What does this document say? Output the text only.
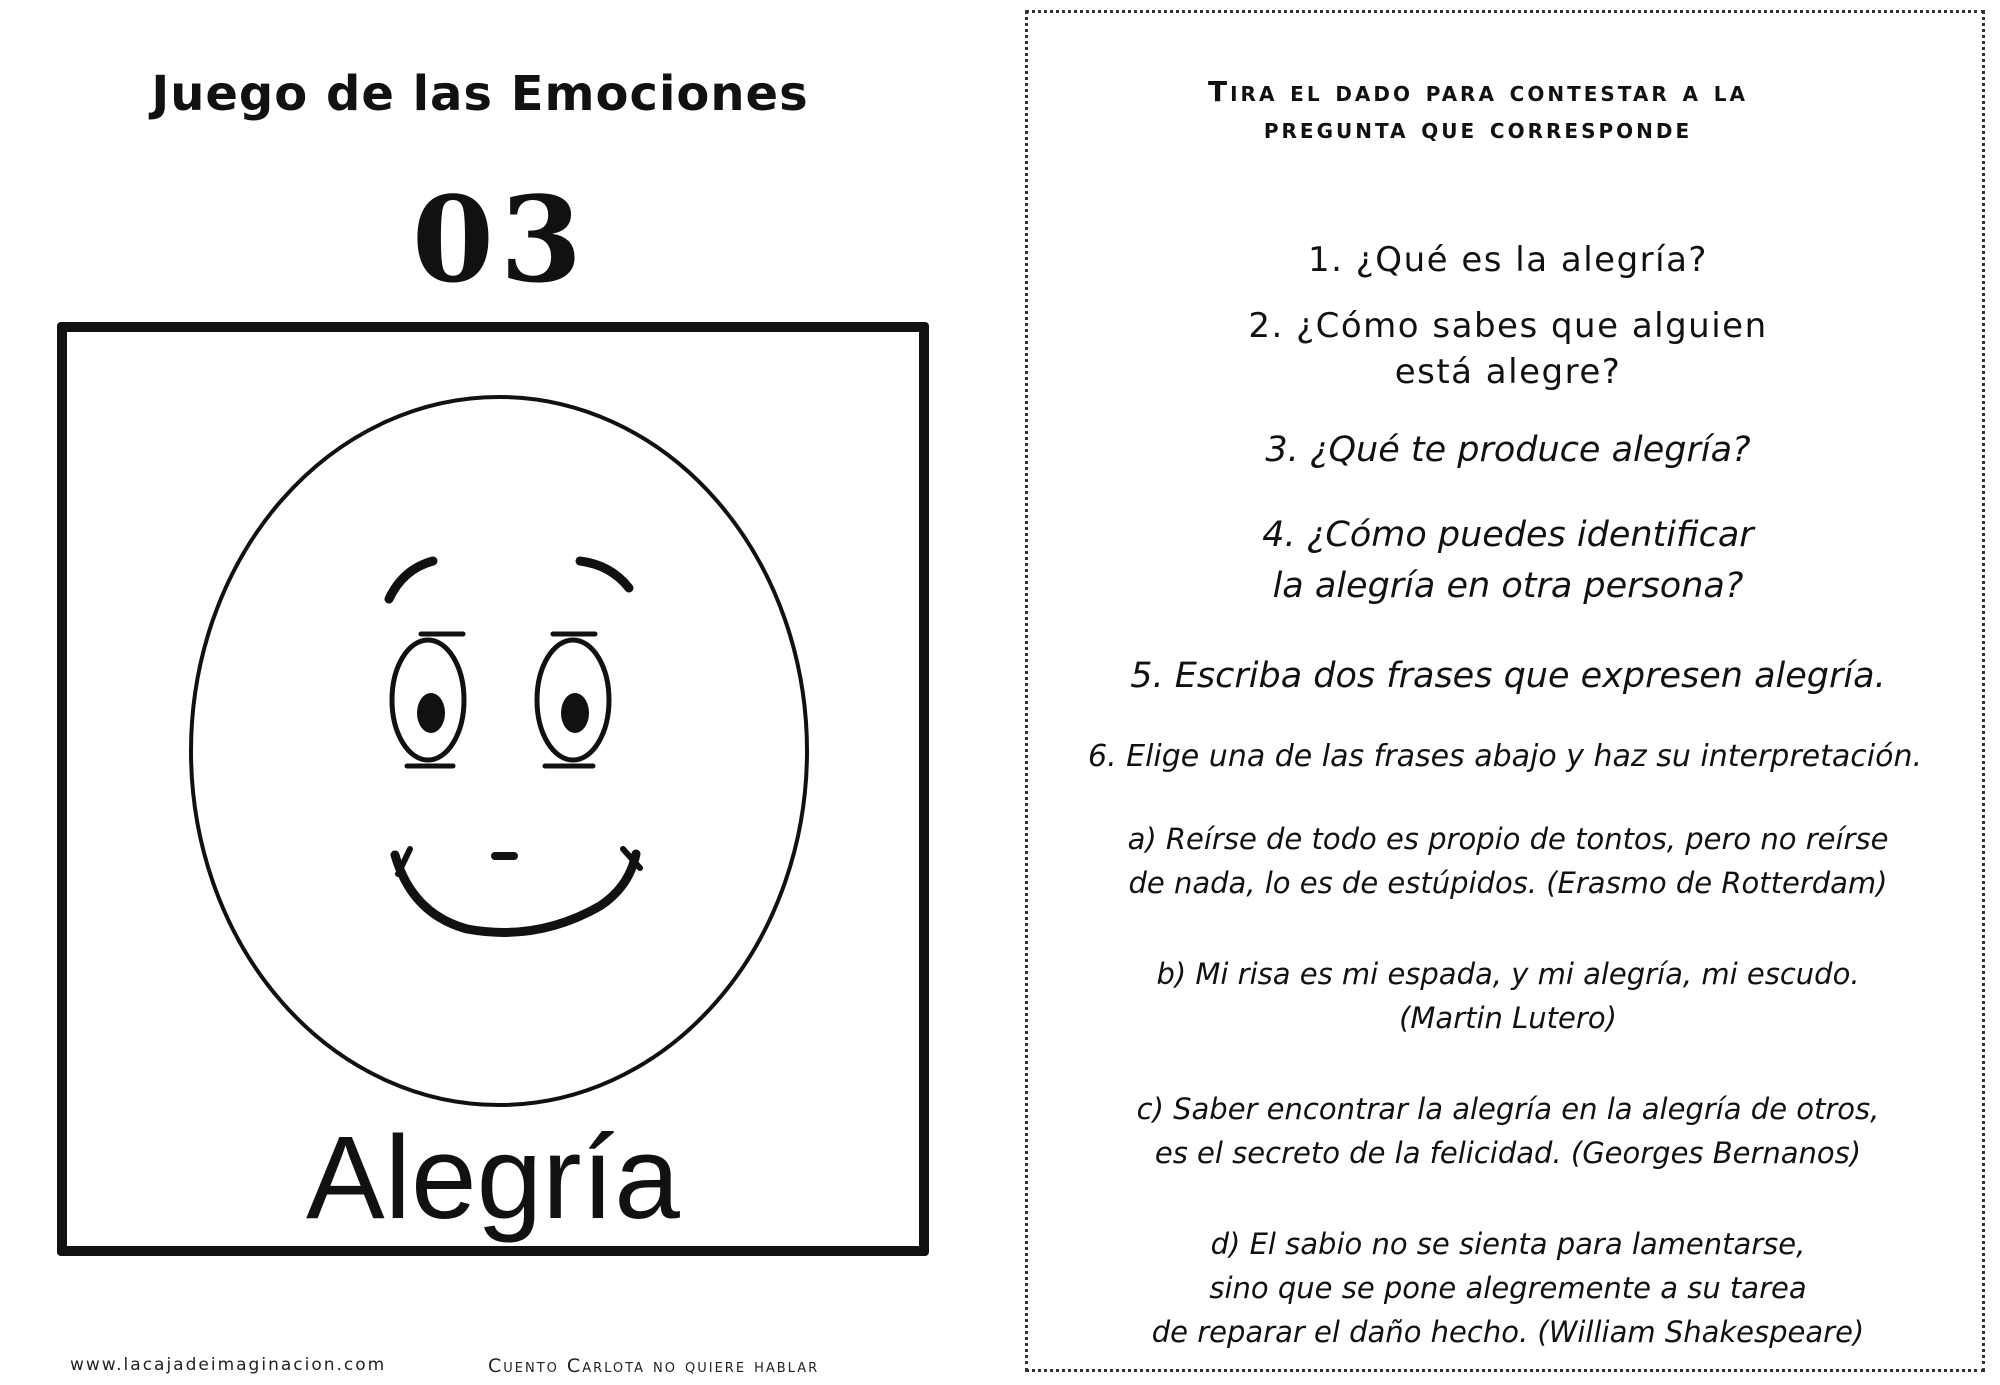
Juego de las Emociones
03
Alegría
www.lacajadeimaginacion.com	Cuento Carlota no quiere hablar
Tira el dado para contestar a la
pregunta que corresponde
1. ¿Qué es la alegría?
2. ¿Cómo sabes que alguien
está alegre?
3. ¿Qué te produce alegría?
4. ¿Cómo puedes identificar
la alegría en otra persona?
5. Escriba dos frases que expresen alegría.
6. Elige una de las frases abajo y haz su interpretación.
a) Reírse de todo es propio de tontos, pero no reírse
de nada, lo es de estúpidos. (Erasmo de Rotterdam)
b) Mi risa es mi espada, y mi alegría, mi escudo.
(Martin Lutero)
c) Saber encontrar la alegría en la alegría de otros,
es el secreto de la felicidad. (Georges Bernanos)
d) El sabio no se sienta para lamentarse,
sino que se pone alegremente a su tarea
de reparar el daño hecho. (William Shakespeare)
